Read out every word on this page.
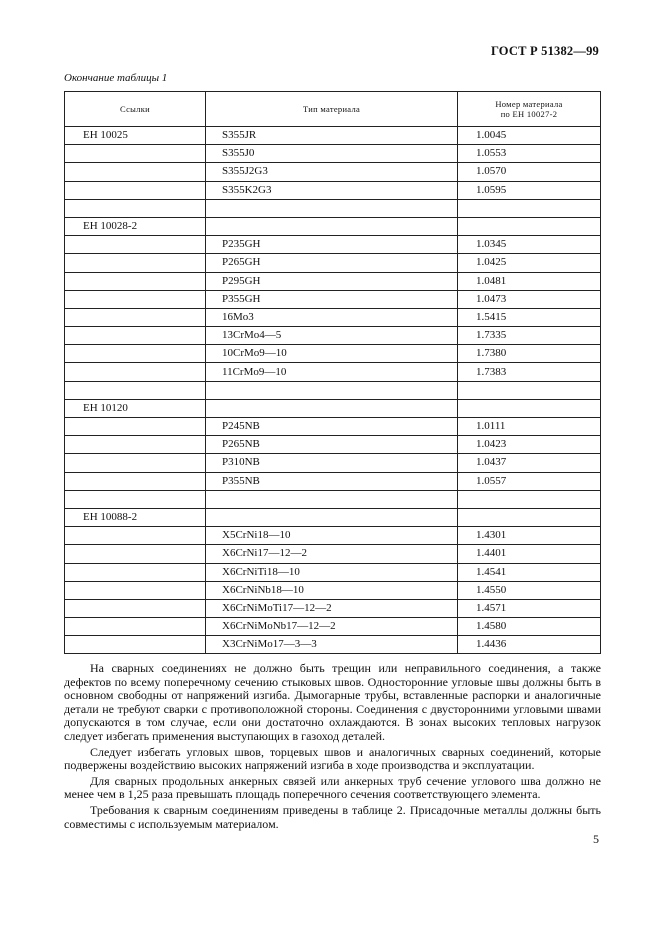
ГОСТ Р 51382—99
Окончание таблицы 1
Ссылки	Тип материала	Номер материала
по ЕН 10027-2
ЕН 10025	S355JR	1.0045
	S355J0	1.0553
	S355J2G3	1.0570
	S355K2G3	1.0595

ЕН 10028-2		
	P235GH	1.0345
	P265GH	1.0425
	P295GH	1.0481
	P355GH	1.0473
	16Mo3	1.5415
	13CrMo4—5	1.7335
	10CrMo9—10	1.7380
	11CrMo9—10	1.7383

ЕН 10120		
	P245NB	1.0111
	P265NB	1.0423
	P310NB	1.0437
	P355NB	1.0557

ЕН 10088-2		
	X5CrNi18—10	1.4301
	X6CrNi17—12—2	1.4401
	X6CrNiTi18—10	1.4541
	X6CrNiNb18—10	1.4550
	X6CrNiMoTi17—12—2	1.4571
	X6CrNiMoNb17—12—2	1.4580
	X3CrNiMo17—3—3	1.4436

На сварных соединениях не должно быть трещин или неправильного соединения, а также дефектов по всему поперечному сечению стыковых швов. Односторонние угловые швы должны быть в основном свободны от напряжений изгиба. Дымогарные трубы, вставленные распорки и аналогичные детали не требуют сварки с противоположной стороны. Соединения с двусторонними угловыми швами допускаются в том случае, если они достаточно охлаждаются. В зонах высоких тепловых нагрузок следует избегать применения выступающих в газоход деталей.

Следует избегать угловых швов, торцевых швов и аналогичных сварных соединений, которые подвержены воздействию высоких напряжений изгиба в ходе производства и эксплуатации.

Для сварных продольных анкерных связей или анкерных труб сечение углового шва должно не менее чем в 1,25 раза превышать площадь поперечного сечения соответствующего элемента.

Требования к сварным соединениям приведены в таблице 2. Присадочные металлы должны быть совместимы с используемым материалом.

5
